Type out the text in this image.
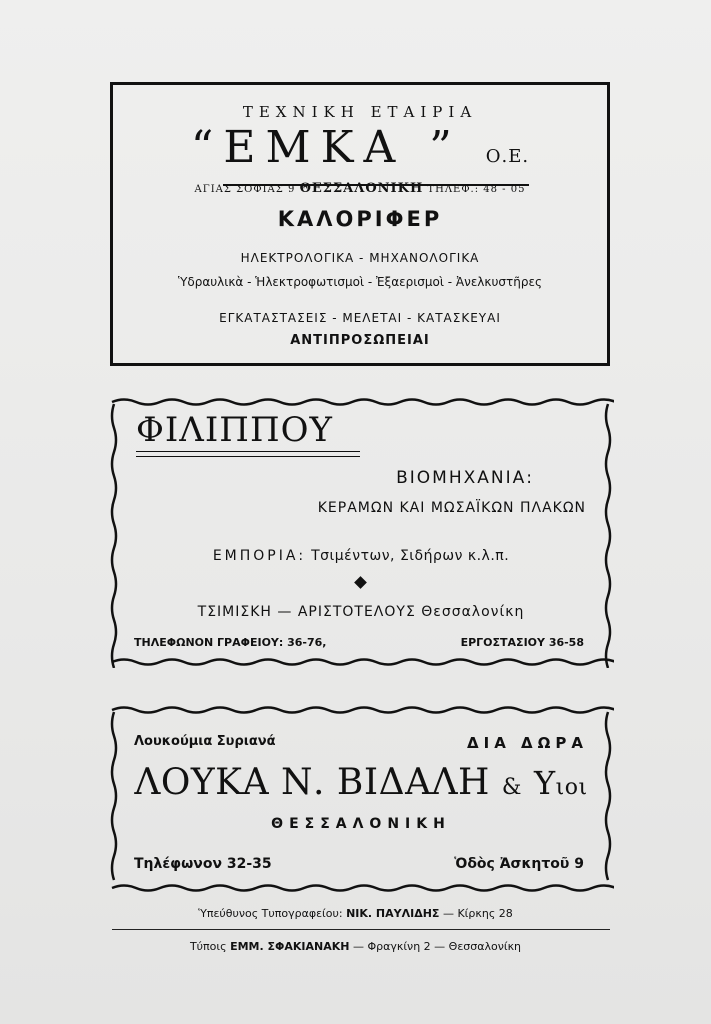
ΤΕΧΝΙΚΗ ΕΤΑΙΡΙΑ
“ΕΜΚΑ ” Ο.Ε.
ΑΓΙΑΣ ΣΟΦΙΑΣ 9 ΘΕΣΣΑΛΟΝΙΚΗ ΤΗΛΕΦ.: 48 - 05
ΚΑΛΟΡΙΦΕΡ
ΗΛΕΚΤΡΟΛΟΓΙΚΑ - ΜΗΧΑΝΟΛΟΓΙΚΑ
Ὑδραυλικὰ - Ἡλεκτροφωτισμοὶ - Ἐξαερισμοὶ - Ἀνελκυστῆρες
ΕΓΚΑΤΑΣΤΑΣΕΙΣ - ΜΕΛΕΤΑΙ - ΚΑΤΑΣΚΕΥΑΙ
ΑΝΤΙΠΡΟΣΩΠΕΙΑΙ
ΦΙΛΙΠΠΟΥ
ΒΙΟΜΗΧΑΝΙΑ:
ΚΕΡΑΜΩΝ ΚΑΙ ΜΩΣΑΪΚΩΝ ΠΛΑΚΩΝ
ΕΜΠΟΡΙΑ: Τσιμέντων, Σιδήρων κ.λ.π.
ΤΣΙΜΙΣΚΗ — ΑΡΙΣΤΟΤΕΛΟΥΣ Θεσσαλονίκη
ΤΗΛΕΦΩΝΟΝ ΓΡΑΦΕΙΟΥ: 36-76,	ΕΡΓΟΣΤΑΣΙΟΥ 36-58
Λουκούμια Συριανά	ΔΙΑ ΔΩΡΑ
ΛΟΥΚΑ Ν. ΒΙΔΑΛΗ & Υιοι
ΘΕΣΣΑΛΟΝΙΚΗ
Τηλέφωνον 32-35	Ὁδὸς Ἀσκητοῦ 9
Ὑπεύθυνος Τυπογραφείου: ΝΙΚ. ΠΑΥΛΙΔΗΣ — Κίρκης 28
Τύποις ΕΜΜ. ΣΦΑΚΙΑΝΑΚΗ — Φραγκίνη 2 — Θεσσαλονίκη
